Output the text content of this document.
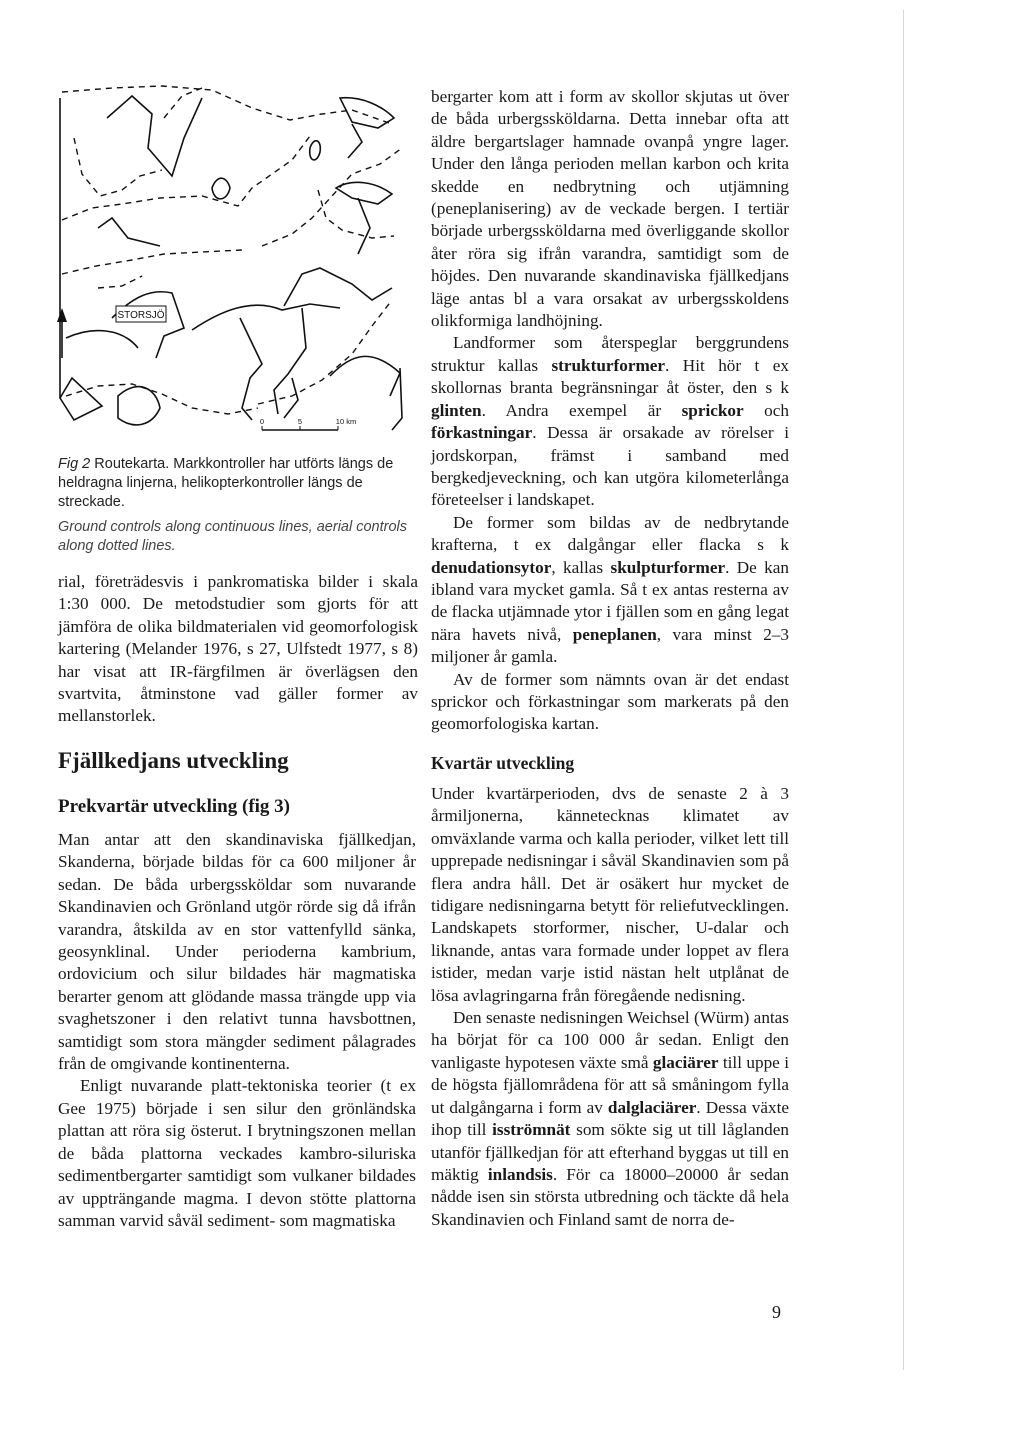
STORSJÖ
0	5	10 km

Fig 2 Routekarta. Markkontroller har utförts längs de heldragna linjerna, helikopterkontroller längs de streckade.

Ground controls along continuous lines, aerial controls along dotted lines.

rial, företrädesvis i pankromatiska bilder i skala 1:30 000. De metodstudier som gjorts för att jämföra de olika bildmaterialen vid geomorfologisk kartering (Melander 1976, s 27, Ulfstedt 1977, s 8) har visat att IR-färgfilmen är överlägsen den svartvita, åtminstone vad gäller former av mellanstorlek.

Fjällkedjans utveckling
Prekvartär utveckling (fig 3)

Man antar att den skandinaviska fjällkedjan, Skanderna, började bildas för ca 600 miljoner år sedan. De båda urbergssköldar som nuvarande Skandinavien och Grönland utgör rörde sig då ifrån varandra, åtskilda av en stor vattenfylld sänka, geosynklinal. Under perioderna kambrium, ordovicium och silur bildades här magmatiska berarter genom att glödande massa trängde upp via svaghetszoner i den relativt tunna havsbottnen, samtidigt som stora mängder sediment pålagrades från de omgivande kontinenterna.

Enligt nuvarande platt-tektoniska teorier (t ex Gee 1975) började i sen silur den grönländska plattan att röra sig österut. I brytningszonen mellan de båda plattorna veckades kambro-siluriska sedimentbergarter samtidigt som vulkaner bildades av uppträngande magma. I devon stötte plattorna samman varvid såväl sediment- som magmatiska

bergarter kom att i form av skollor skjutas ut över de båda urbergssköldarna. Detta innebar ofta att äldre bergartslager hamnade ovanpå yngre lager. Under den långa perioden mellan karbon och krita skedde en nedbrytning och utjämning (peneplanisering) av de veckade bergen. I tertiär började urbergssköldarna med överliggande skollor åter röra sig ifrån varandra, samtidigt som de höjdes. Den nuvarande skandinaviska fjällkedjans läge antas bl a vara orsakat av urbergsskoldens olikformiga landhöjning.

Landformer som återspeglar berggrundens struktur kallas strukturformer. Hit hör t ex skollornas branta begränsningar åt öster, den s k glinten. Andra exempel är sprickor och förkastningar. Dessa är orsakade av rörelser i jordskorpan, främst i samband med bergkedjeveckning, och kan utgöra kilometerlånga företeelser i landskapet.

De former som bildas av de nedbrytande krafterna, t ex dalgångar eller flacka s k denudationsytor, kallas skulpturformer. De kan ibland vara mycket gamla. Så t ex antas resterna av de flacka utjämnade ytor i fjällen som en gång legat nära havets nivå, peneplanen, vara minst 2–3 miljoner år gamla.

Av de former som nämnts ovan är det endast sprickor och förkastningar som markerats på den geomorfologiska kartan.

Kvartär utveckling

Under kvartärperioden, dvs de senaste 2 à 3 årmiljonerna, kännetecknas klimatet av omväxlande varma och kalla perioder, vilket lett till upprepade nedisningar i såväl Skandinavien som på flera andra håll. Det är osäkert hur mycket de tidigare nedisningarna betytt för reliefutvecklingen. Landskapets storformer, nischer, U-dalar och liknande, antas vara formade under loppet av flera istider, medan varje istid nästan helt utplånat de lösa avlagringarna från föregående nedisning.

Den senaste nedisningen Weichsel (Würm) antas ha börjat för ca 100 000 år sedan. Enligt den vanligaste hypotesen växte små glaciärer till uppe i de högsta fjällområdena för att så småningom fylla ut dalgångarna i form av dalglaciärer. Dessa växte ihop till isströmnät som sökte sig ut till låglanden utanför fjällkedjan för att efterhand byggas ut till en mäktig inlandsis. För ca 18000–20000 år sedan nådde isen sin största utbredning och täckte då hela Skandinavien och Finland samt de norra de-

9
